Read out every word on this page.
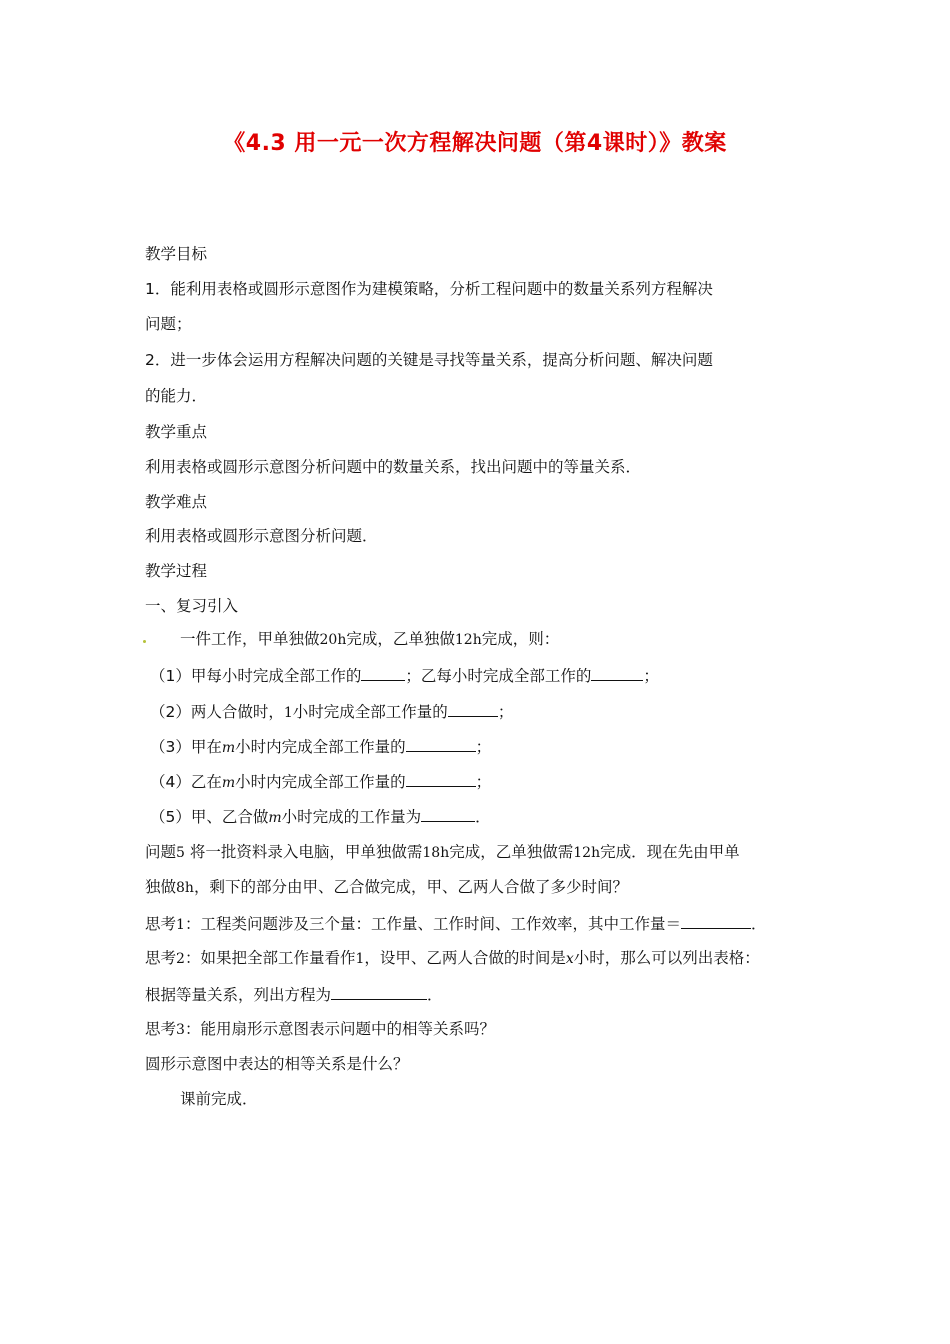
《4.3 用一元一次方程解决问题（第4课时）》教案
教学目标
1．能利用表格或圆形示意图作为建模策略，分析工程问题中的数量关系列方程解决
问题；
2．进一步体会运用方程解决问题的关键是寻找等量关系，提高分析问题、解决问题
的能力．
教学重点
利用表格或圆形示意图分析问题中的数量关系，找出问题中的等量关系．
教学难点
利用表格或圆形示意图分析问题．
教学过程
一、复习引入
一件工作，甲单独做20h完成，乙单独做12h完成，则：
（1）甲每小时完成全部工作的	；乙每小时完成全部工作的	；
（2）两人合做时，1小时完成全部工作量的	；
（3）甲在m小时内完成全部工作量的	；
（4）乙在m小时内完成全部工作量的	；
（5）甲、乙合做m小时完成的工作量为	．
问题5 将一批资料录入电脑，甲单独做需18h完成，乙单独做需12h完成．现在先由甲单
独做8h，剩下的部分由甲、乙合做完成，甲、乙两人合做了多少时间？
思考1：工程类问题涉及三个量：工作量、工作时间、工作效率，其中工作量＝	．
思考2：如果把全部工作量看作1，设甲、乙两人合做的时间是x小时，那么可以列出表格：
根据等量关系，列出方程为	．
思考3：能用扇形示意图表示问题中的相等关系吗？
圆形示意图中表达的相等关系是什么？
课前完成．
